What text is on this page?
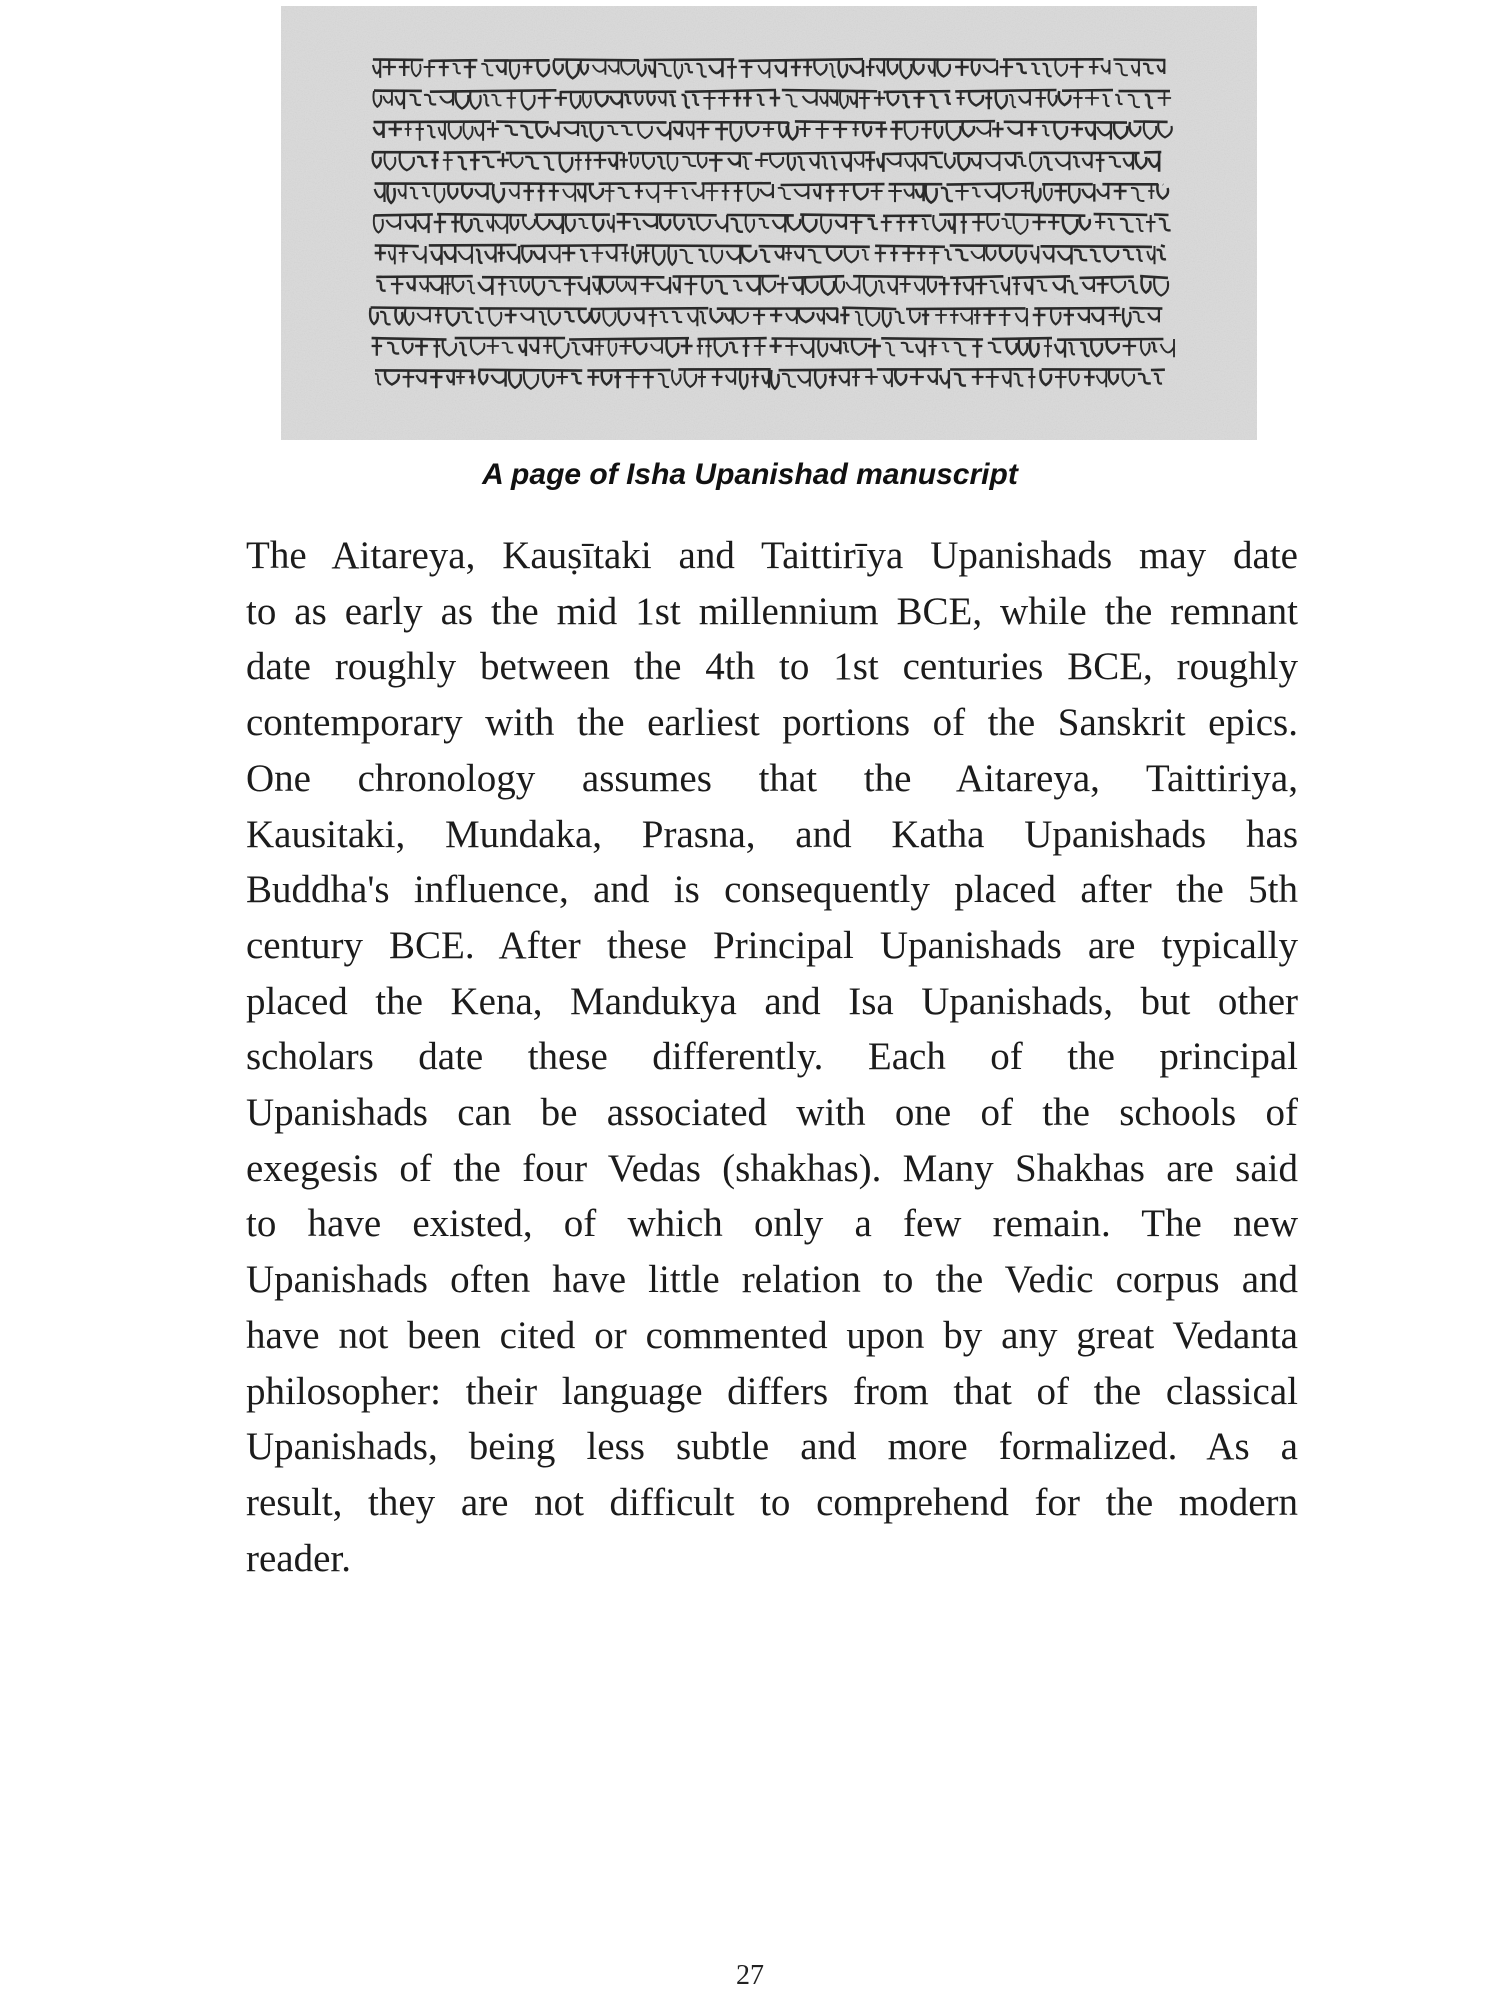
A page of Isha Upanishad manuscript

The Aitareya, Kauṣītaki and Taittirīya Upanishads may date
to as early as the mid 1st millennium BCE, while the remnant
date roughly between the 4th to 1st centuries BCE, roughly
contemporary with the earliest portions of the Sanskrit epics.
One chronology assumes that the Aitareya, Taittiriya,
Kausitaki, Mundaka, Prasna, and Katha Upanishads has
Buddha's influence, and is consequently placed after the 5th
century BCE. After these Principal Upanishads are typically
placed the Kena, Mandukya and Isa Upanishads, but other
scholars date these differently. Each of the principal
Upanishads can be associated with one of the schools of
exegesis of the four Vedas (shakhas). Many Shakhas are said
to have existed, of which only a few remain. The new
Upanishads often have little relation to the Vedic corpus and
have not been cited or commented upon by any great Vedanta
philosopher: their language differs from that of the classical
Upanishads, being less subtle and more formalized. As a
result, they are not difficult to comprehend for the modern
reader.

27
